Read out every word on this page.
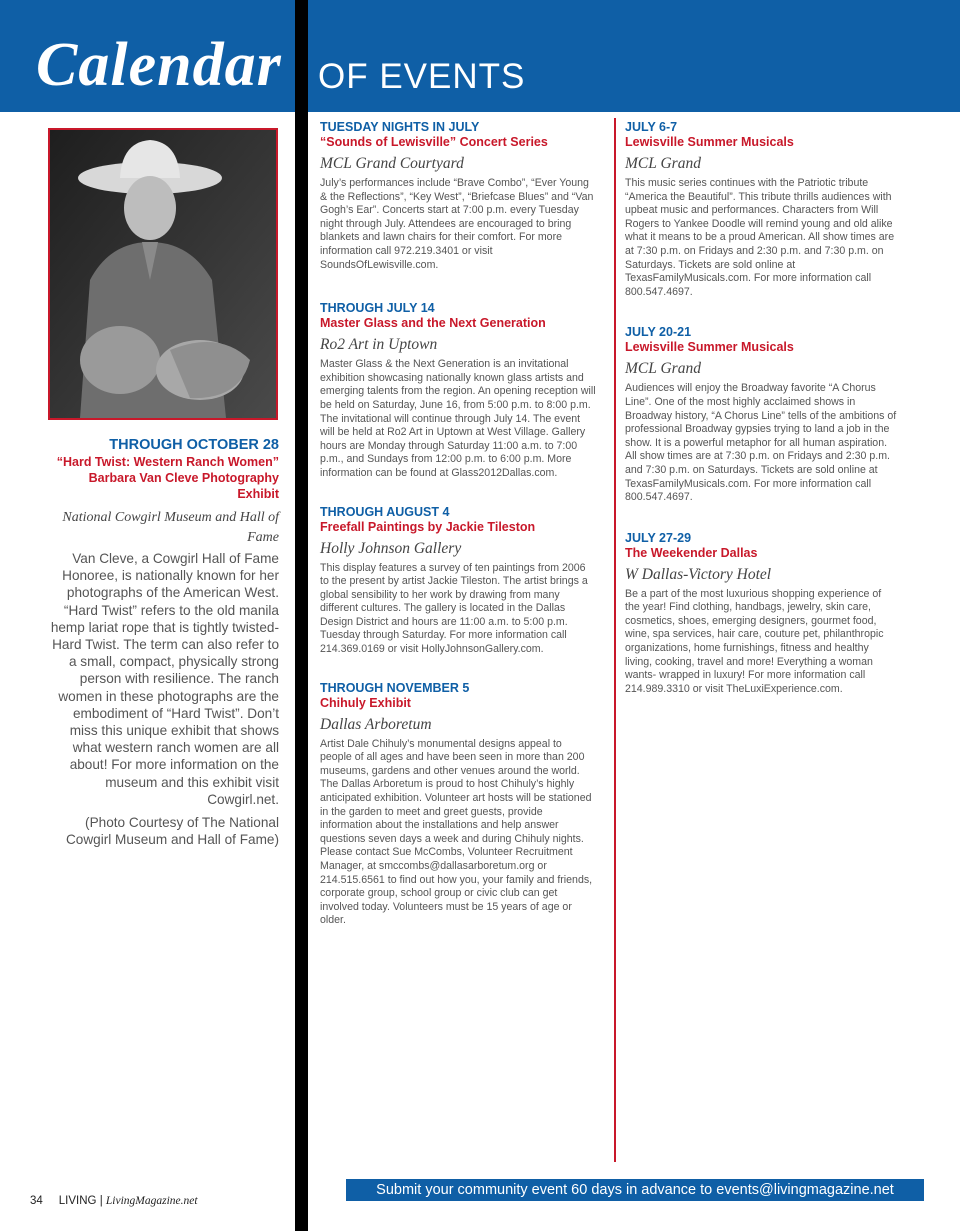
Calendar OF EVENTS
THROUGH OCTOBER 28
“Hard Twist: Western Ranch Women” Barbara Van Cleve Photography Exhibit
National Cowgirl Museum and Hall of Fame

Van Cleve, a Cowgirl Hall of Fame Honoree, is nationally known for her photographs of the American West. “Hard Twist” refers to the old manila hemp lariat rope that is tightly twisted-Hard Twist. The term can also refer to a small, compact, physically strong person with resilience. The ranch women in these photographs are the embodiment of “Hard Twist”. Don’t miss this unique exhibit that shows what western ranch women are all about! For more information on the museum and this exhibit visit Cowgirl.net.

(Photo Courtesy of The National Cowgirl Museum and Hall of Fame)

TUESDAY NIGHTS IN JULY
“Sounds of Lewisville” Concert Series
MCL Grand Courtyard

July’s performances include “Brave Combo”, “Ever Young & the Reflections”, “Key West”, “Briefcase Blues” and “Van Gogh’s Ear”. Concerts start at 7:00 p.m. every Tuesday night through July. Attendees are encouraged to bring blankets and lawn chairs for their comfort. For more information call 972.219.3401 or visit SoundsOfLewisville.com.

THROUGH JULY 14
Master Glass and the Next Generation
Ro2 Art in Uptown

Master Glass & the Next Generation is an invitational exhibition showcasing nationally known glass artists and emerging talents from the region. An opening reception will be held on Saturday, June 16, from 5:00 p.m. to 8:00 p.m. The invitational will continue through July 14. The event will be held at Ro2 Art in Uptown at West Village. Gallery hours are Monday through Saturday 11:00 a.m. to 7:00 p.m., and Sundays from 12:00 p.m. to 6:00 p.m. More information can be found at Glass2012Dallas.com.

THROUGH AUGUST 4
Freefall Paintings by Jackie Tileston
Holly Johnson Gallery

This display features a survey of ten paintings from 2006 to the present by artist Jackie Tileston. The artist brings a global sensibility to her work by drawing from many different cultures. The gallery is located in the Dallas Design District and hours are 11:00 a.m. to 5:00 p.m. Tuesday through Saturday. For more information call 214.369.0169 or visit HollyJohnsonGallery.com.

THROUGH NOVEMBER 5
Chihuly Exhibit
Dallas Arboretum

Artist Dale Chihuly’s monumental designs appeal to people of all ages and have been seen in more than 200 museums, gardens and other venues around the world. The Dallas Arboretum is proud to host Chihuly’s highly anticipated exhibition. Volunteer art hosts will be stationed in the garden to meet and greet guests, provide information about the installations and help answer questions seven days a week and during Chihuly nights. Please contact Sue McCombs, Volunteer Recruitment Manager, at smccombs@dallasarboretum.org or 214.515.6561 to find out how you, your family and friends, corporate group, school group or civic club can get involved today. Volunteers must be 15 years of age or older.

JULY 6-7
Lewisville Summer Musicals
MCL Grand

This music series continues with the Patriotic tribute “America the Beautiful”. This tribute thrills audiences with upbeat music and performances. Characters from Will Rogers to Yankee Doodle will remind young and old alike what it means to be a proud American. All show times are at 7:30 p.m. on Fridays and 2:30 p.m. and 7:30 p.m. on Saturdays. Tickets are sold online at TexasFamilyMusicals.com. For more information call 800.547.4697.

JULY 20-21
Lewisville Summer Musicals
MCL Grand

Audiences will enjoy the Broadway favorite “A Chorus Line”. One of the most highly acclaimed shows in Broadway history, “A Chorus Line” tells of the ambitions of professional Broadway gypsies trying to land a job in the show. It is a powerful metaphor for all human aspiration. All show times are at 7:30 p.m. on Fridays and 2:30 p.m. and 7:30 p.m. on Saturdays. Tickets are sold online at TexasFamilyMusicals.com. For more information call 800.547.4697.

JULY 27-29
The Weekender Dallas
W Dallas-Victory Hotel

Be a part of the most luxurious shopping experience of the year! Find clothing, handbags, jewelry, skin care, cosmetics, shoes, emerging designers, gourmet food, wine, spa services, hair care, couture pet, philanthropic organizations, home furnishings, fitness and healthy living, cooking, travel and more! Everything a woman wants- wrapped in luxury! For more information call 214.989.3310 or visit TheLuxiExperience.com.

34 LIVING | LivingMagazine.net
Submit your community event 60 days in advance to events@livingmagazine.net
